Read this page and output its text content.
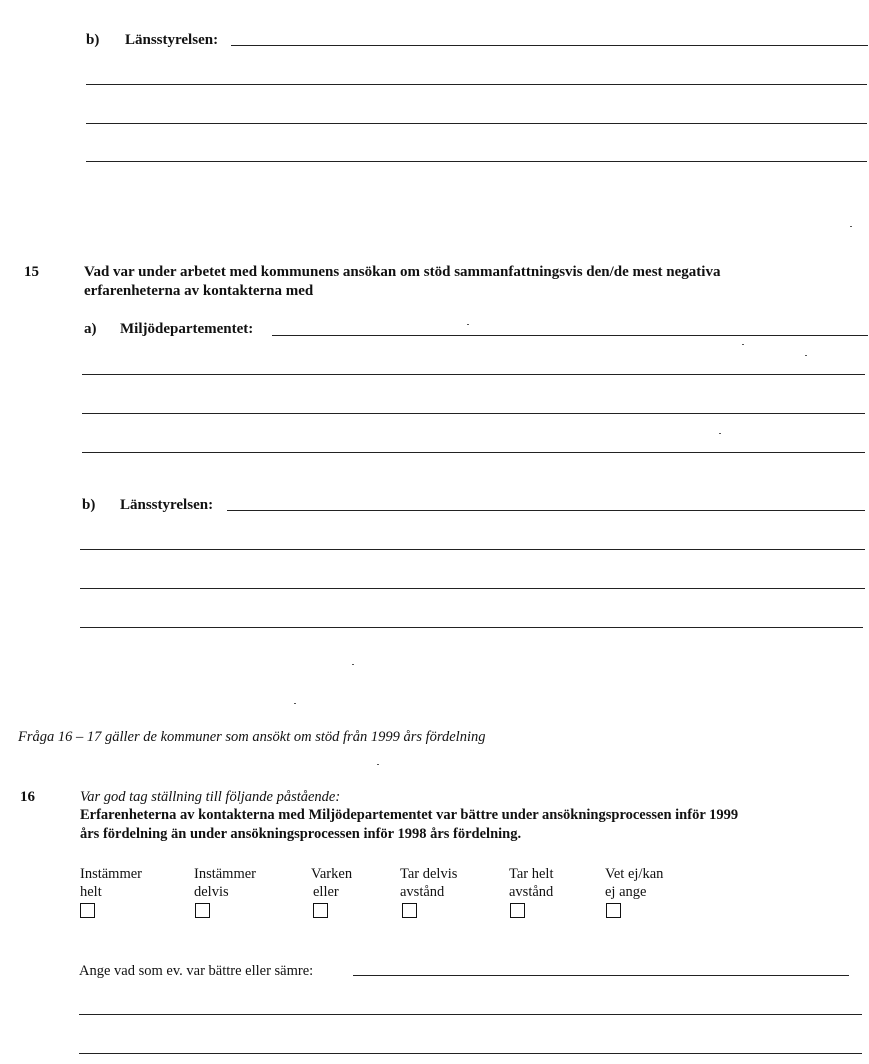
b) Länsstyrelsen:
15	Vad var under arbetet med kommunens ansökan om stöd sammanfattningsvis den/de mest negativa
erfarenheterna av kontakterna med
a) Miljödepartementet:
b) Länsstyrelsen:
Fråga 16 – 17 gäller de kommuner som ansökt om stöd från 1999 års fördelning
16	Var god tag ställning till följande påstående:
Erfarenheterna av kontakterna med Miljödepartementet var bättre under ansökningsprocessen inför 1999
års fördelning än under ansökningsprocessen inför 1998 års fördelning.
Instämmer
helt
Instämmer
delvis
Varken
eller
Tar delvis
avstånd
Tar helt
avstånd
Vet ej/kan
ej ange
Ange vad som ev. var bättre eller sämre:
